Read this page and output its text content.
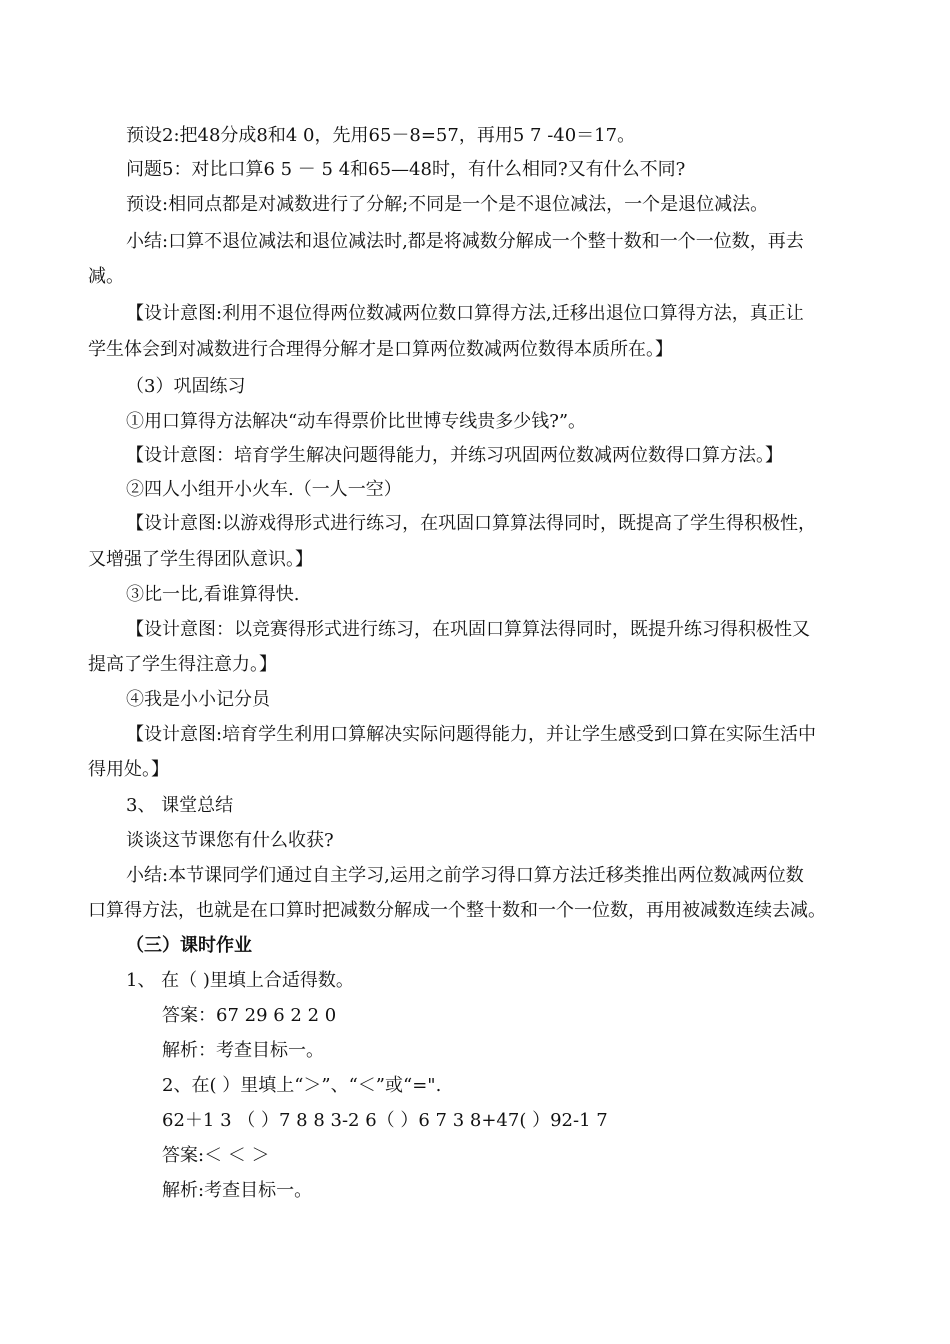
预设2:把48分成8和4 0，先用65－8=57，再用5 7 -40＝17。
问题5：对比口算6 5 － 5 4和65—48时，有什么相同?又有什么不同?
预设:相同点都是对减数进行了分解;不同是一个是不退位减法，一个是退位减法。
小结:口算不退位减法和退位减法时,都是将减数分解成一个整十数和一个一位数，再去
减。
【设计意图:利用不退位得两位数减两位数口算得方法,迁移出退位口算得方法，真正让
学生体会到对减数进行合理得分解才是口算两位数减两位数得本质所在。】
（3）巩固练习
①用口算得方法解决“动车得票价比世博专线贵多少钱?”。
【设计意图：培育学生解决问题得能力，并练习巩固两位数减两位数得口算方法。】
②四人小组开小火车.（一人一空）
【设计意图:以游戏得形式进行练习，在巩固口算算法得同时，既提高了学生得积极性，
又增强了学生得团队意识。】
③比一比,看谁算得快.
【设计意图：以竞赛得形式进行练习，在巩固口算算法得同时，既提升练习得积极性又
提高了学生得注意力。】
④我是小小记分员
【设计意图:培育学生利用口算解决实际问题得能力，并让学生感受到口算在实际生活中
得用处。】
3、 课堂总结
谈谈这节课您有什么收获?
小结:本节课同学们通过自主学习,运用之前学习得口算方法迁移类推出两位数减两位数
口算得方法，也就是在口算时把减数分解成一个整十数和一个一位数，再用被减数连续去减。
（三）课时作业
1、 在（ )里填上合适得数。
答案：67 29 6 2 2 0
解析：考查目标一。
2、在( ）里填上“＞”、“＜”或“=".
62＋1 3 （ ）7 8 8 3-2 6（ ）6 7 3 8+47( ）92-1 7
答案:＜ ＜ ＞
解析:考查目标一。
